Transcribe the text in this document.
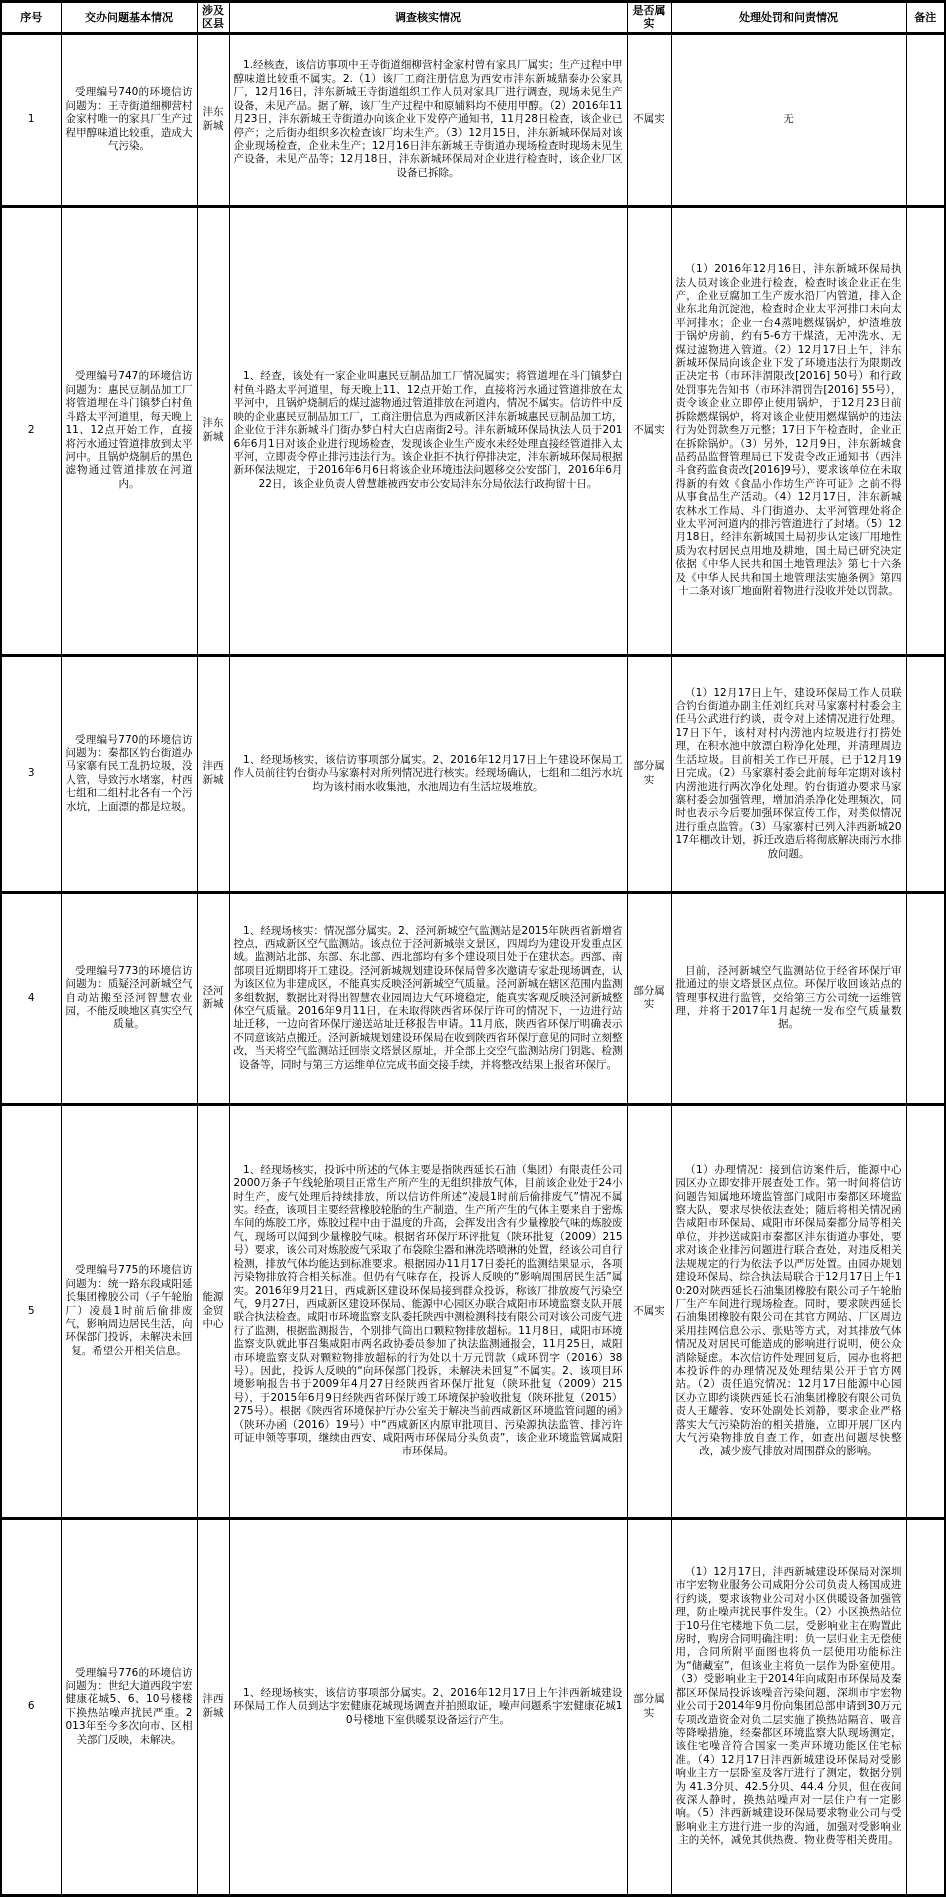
序号	交办问题基本情况	涉及区县	调查核实情况	是否属实	处理处罚和问责情况	备注
1	受理编号740的环境信访问题为：王寺街道细柳营村金家村唯一的家具厂生产过程甲醇味道比较重，造成大气污染。	沣东新城	1.经核查，该信访事项中王寺街道细柳营村金家村曾有家具厂属实；生产过程中甲醇味道比较重不属实。2.（1）该厂工商注册信息为西安市沣东新城鼎泰办公家具厂，12月16日，沣东新城王寺街道组织工作人员对家具厂进行调查，现场未见生产设备，未见产品。据了解，该厂生产过程中和原辅料均不使用甲醇。（2）2016年11月23日，沣东新城王寺街道办向该企业下发停产通知书，11月28日检查，该企业已停产；之后街办组织多次检查该厂均未生产。（3）12月15日，沣东新城环保局对该企业现场检查，企业未生产；12月16日沣东新城王寺街道办现场检查时现场未见生产设备，未见产品等；12月18日，沣东新城环保局对企业进行检查时，该企业厂区设备已拆除。	不属实	无	
2	受理编号747的环境信访问题为：惠民豆制品加工厂将管道埋在斗门镇梦白村鱼斗路太平河道里，每天晚上11、12点开始工作，直接将污水通过管道排放到太平河中。且锅炉烧制后的黑色滤物通过管道排放在河道内。	沣东新城	1、经查，该处有一家企业叫惠民豆制品加工厂情况属实；将管道埋在斗门镇梦白村鱼斗路太平河道里，每天晚上11、12点开始工作，直接将污水通过管道排放在太平河中，且锅炉烧制后的煤过滤物通过管道排放在河道内，情况不属实。信访件中反映的企业惠民豆制品加工厂，工商注册信息为西咸新区沣东新城惠民豆制品加工坊，企业位于沣东新城斗门街办梦白村大白店南街2号。沣东新城环保局执法人员于2016年6月1日对该企业进行现场检查，发现该企业生产废水未经处理直接经管道排入太平河，立即责令停止排污违法行为。该企业拒不执行停排决定，沣东新城环保局根据新环保法规定，于2016年6月6日将该企业环境违法问题移交公安部门，2016年6月22日，该企业负责人曾慧雄被西安市公安局沣东分局依法行政拘留十日。	不属实	（1）2016年12月16日，沣东新城环保局执法人员对该企业进行检查，检查时该企业正在生产，企业豆腐加工生产废水沿厂内管道，排入企业东北角沉淀池，检查时企业太平河排口未向太平河排水；企业一台4蒸吨燃煤锅炉，炉渣堆放于锅炉房前，约有5-6方干煤渣，无冲洗水、无煤过滤物进入管道。（2）12月17日上午，沣东新城环保局向该企业下发了环境违法行为限期改正决定书（市环沣渭限改[2016] 50号）和行政处罚事先告知书（市环沣渭罚告[2016] 55号），责令该企业立即停止使用锅炉，于12月23日前拆除燃煤锅炉，将对该企业使用燃煤锅炉的违法行为处罚款叁万元整；17日下午检查时，企业正在拆除锅炉。（3）另外，12月9日，沣东新城食品药品监督管理局已下发责令改正通知书（西沣斗食药监食责改[2016]9号），要求该单位在未取得新的有效《食品小作坊生产许可证》之前不得从事食品生产活动。（4）12月17日，沣东新城农林水工作局、斗门街道办、太平河管理处将企业太平河河道内的排污管道进行了封堵。（5）12月18日，经沣东新城国土局初步认定该厂用地性质为农村居民点用地及耕地，国土局已研究决定依据《中华人民共和国土地管理法》第七十六条及《中华人民共和国土地管理法实施条例》第四十二条对该厂地面附着物进行没收并处以罚款。	
3	受理编号770的环境信访问题为：秦都区钓台街道办马家寨有民工乱扔垃圾，没人管，导致污水堵塞，村西七组和二组村北各有一个污水坑，上面漂的都是垃圾。	沣西新城	1、经现场核实，该信访事项部分属实。2、2016年12月17日上午建设环保局工作人员前往钓台街办马家寨村对所列情况进行核实。经现场确认，七组和二组污水坑均为该村雨水收集池，水池周边有生活垃圾堆放。	部分属实	（1）12月17日上午，建设环保局工作人员联合钓台街道办副主任刘红兵对马家寨村村委会主任马公武进行约谈，责令对上述情况进行处理。17日下午，该村对村内涝池内垃圾进行打捞处理，在积水池中放漂白粉净化处理，并清理周边生活垃圾。目前相关工作已开展，已于12月19日完成。（2）马家寨村委会此前每年定期对该村内涝池进行两次净化处理。钓台街道办要求马家寨村委会加强管理，增加消杀净化处理频次，同时也表示今后要加强环保宣传工作，对类似情况进行重点监管。（3）马家寨村已列入沣西新城2017年棚改计划，拆迁改造后将彻底解决雨污水排放问题。	
4	受理编号773的环境信访问题为：质疑泾河新城空气自动站搬至泾河智慧农业园，不能反映地区真实空气质量。	泾河新城	1、经现场核实：情况部分属实。2、泾河新城空气监测站是2015年陕西省新增省控点，西咸新区空气监测站。该点位于泾河新城崇文景区，四周均为建设开发重点区域。监测站北部、东部、东北部、西北部均有多个建设项目处于在建状态。西部、南部项目近期即将开工建设。泾河新城规划建设环保局曾多次邀请专家赴现场调查，认为该区位为非建成区，不能真实反映泾河新城空气质量。泾河新城在辖区范围内监测多组数据，数据比对得出智慧农业园周边大气环境稳定，能真实客观反映泾河新城整体空气质量。2016年9月11日，在未取得陕西省环保厅许可的情况下，一边进行站址迁移，一边向省环保厅递送站址迁移报告申请。11月底，陕西省环保厅明确表示不同意该站点搬迁。泾河新城规划建设环保局在收到陕西省环保厅意见的同时立刻整改，当天将空气监测站迁回崇文塔景区原址，并全部上交空气监测站房门钥匙、检测设备等，同时与第三方运维单位完成书面交接手续，并将整改结果上报省环保厅。	部分属实	目前，泾河新城空气监测站位于经省环保厅审批通过的崇文塔景区点位。环保厅收回该站点的管理事权进行监管，交给第三方公司统一运维管理，并将于2017年1月起统一发布空气质量数据。	
5	受理编号775的环境信访问题为：统一路东段咸阳延长集团橡胶公司（子午轮胎厂）凌晨1时前后偷排废气，影响周边居民生活，向环保部门投诉，未解决未回复。希望公开相关信息。	能源金贸中心	1、经现场核实，投诉中所述的气体主要是指陕西延长石油（集团）有限责任公司2000万条子午线轮胎项目正常生产所产生的无组织排放气体，目前该企业处于24小时生产，废气处理后持续排放，所以信访件所述“凌晨1时前后偷排废气”情况不属实。经查，该项目主要经营橡胶轮胎的生产制造，生产所产生的气体主要来自于密炼车间的炼胶工序，炼胶过程中由于温度的升高，会挥发出含有少量橡胶气味的炼胶废气，现场可以闻到少量橡胶气味。根据省环保厅环评批复（陕环批复（2009）215号）要求，该公司对炼胶废气采取了布袋除尘器和淋洗塔喷淋的处置，经该公司自行检测，排放气体均能达到标准要求。根据园办11月17日委托的监测结果显示，各项污染物排放符合相关标准。但仍有气味存在，投诉人反映的“影响周围居民生活”属实。2016年9月21日，西咸新区建设环保局接到群众投诉，称该厂排放废气污染空气，9月27日，西咸新区建设环保局、能源中心园区办联合咸阳市环境监察支队开展联合执法检查。咸阳市环境监察支队委托陕西中测检测科技有限公司对该公司废气进行了监测，根据监测报告，个别排气筒出口颗粒物排放超标。11月8日，咸阳市环境监察支队就此事召集咸阳市两名政协委员参加了执法监测通报会，11月25日，咸阳市环境监察支队对颗粒物排放超标的行为处以十万元罚款（咸环罚字（2016）38号）。因此，投诉人反映的“向环保部门投诉，未解决未回复”不属实。2、该项目环境影响报告书于2009年4月27日经陕西省环保厅批复（陕环批复（2009）215号），于2015年6月9日经陕西省环保厅竣工环境保护验收批复（陕环批复（2015）275号）。根据《陕西省环境保护厅办公室关于解决当前西咸新区环境监管问题的函》（陕环办函（2016）19号）中“西咸新区内原审批项目、污染源执法监管、排污许可证申领等事项，继续由西安、咸阳两市环保局分头负责”，该企业环境监管属咸阳市环保局。	不属实	（1）办理情况：接到信访案件后，能源中心园区办立即安排开展查处工作。第一时间将信访问题告知属地环境监管部门咸阳市秦都区环境监察大队，要求尽快依法查处；随后将相关情况函告咸阳市环保局、咸阳市环保局秦都分局等相关单位，并抄送咸阳市秦都区沣东街道办事处，要求对该企业排污问题进行联合查处，对违反相关法规规定的行为依法予以严厉处置。由园办规划建设环保局、综合执法局联合于12月17日上午10:20对陕西延长石油集团橡胶有限公司子午轮胎厂生产车间进行现场检查。同时，要求陕西延长石油集团橡胶有限公司在其官方网站、厂区周边采用挂网信息公示、张贴等方式，对其排放气体情况及对居民可能造成的影响进行说明，使公众消除疑虑。本次信访件处理回复后，园办也将把本投诉件的办理情况及处理结果公开于官方网站。（2）责任追究情况：12月17日能源中心园区办立即约谈陕西延长石油集团橡胶有限公司负责人王耀蓉、安环处副处长刘静，要求企业严格落实大气污染防治的相关措施，立即开展厂区内大气污染物排放自查工作，如查出问题尽快整改，减少废气排放对周围群众的影响。	
6	受理编号776的环境信访问题为：世纪大道西段宇宏健康花城5、6、10号楼楼下换热站噪声扰民严重。2013年至今多次向市、区相关部门反映，未解决。	沣西新城	1、经现场核实，该信访事项部分属实。2、2016年12月17日上午沣西新城建设环保局工作人员到达宇宏健康花城现场调查并拍照取证，噪声问题系宇宏健康花城10号楼地下室供暖泵设备运行产生。	部分属实	（1）12月17日，沣西新城建设环保局对深圳市宇宏物业服务公司咸阳分公司负责人杨国成进行约谈，要求该物业公司对小区供暖设备加强管理，防止噪声扰民事件发生。（2）小区换热站位于10号住宅楼地下负二层，受影响业主在购置此房时，购房合同明确注明：负一层归业主无偿使用，合同所附平面图也将负一层使用功能标注为“储藏室”，但该业主将负一层作为卧室使用。（3）受影响业主于2014年向咸阳市环保局及秦都区环保局投诉该噪音污染问题，深圳市宇宏物业公司于2014年9月份向集团总部申请到30万元专项改造资金对负二层实施了换热站隔音、吸音等降噪措施，经秦都区环境监察大队现场测定，该住宅噪音符合国家一类声环境功能区住宅标准。（4）12月17日沣西新城建设环保局对受影响业主方一层卧室及客厅进行了测定，数据分别为 41.3分贝、42.5分贝、44.4 分贝，但在夜间夜深人静时，换热站噪声对一层住户有一定影响。（5）沣西新城建设环保局要求物业公司与受影响业主方进行进一步的沟通，加强对受影响业主的关怀，减免其供热费、物业费等相关费用。	
